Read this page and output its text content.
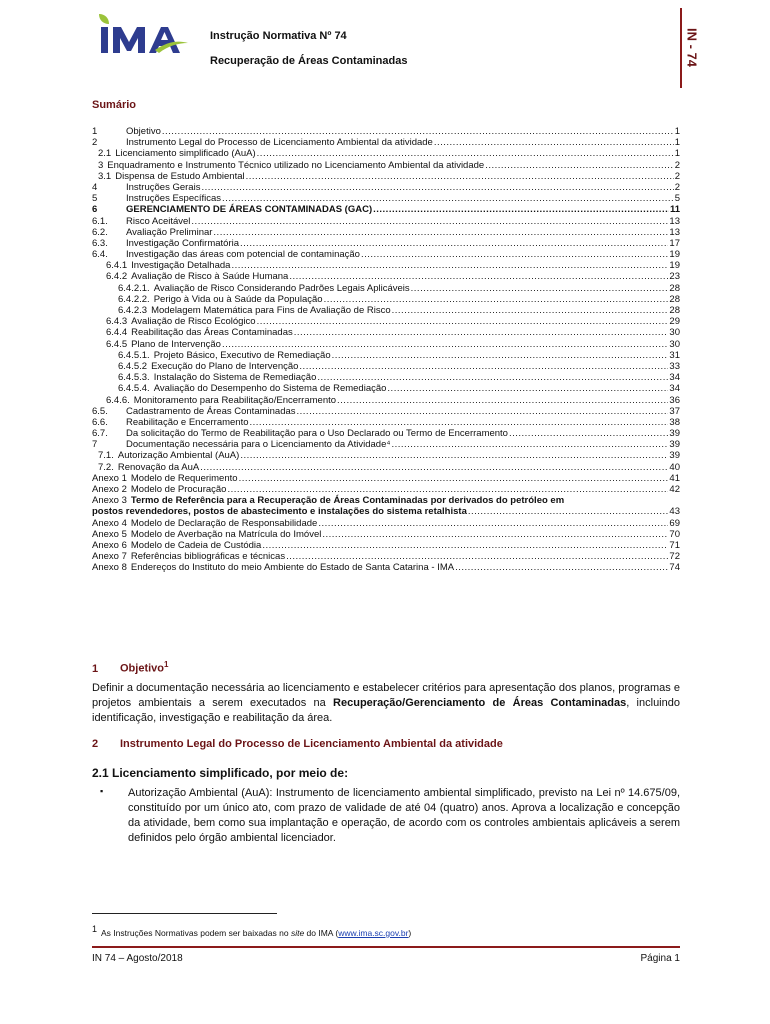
Instrução Normativa Nº 74
Recuperação de Áreas Contaminadas	IN - 74
Sumário
1	Objetivo .....	1
2	Instrumento Legal do Processo de Licenciamento Ambiental da atividade .....	1
2.1 Licenciamento simplificado (AuA) .....	1
3 Enquadramento e Instrumento Técnico utilizado no Licenciamento Ambiental da atividade .....	2
3.1 Dispensa de Estudo Ambiental .....	2
4	Instruções Gerais .....	2
5	Instruções Específicas .....	5
6	GERENCIAMENTO DE ÁREAS CONTAMINADAS (GAC) .....	11
6.1.	Risco Aceitável .....	13
6.2.	Avaliação Preliminar .....	13
6.3.	Investigação Confirmatória .....	17
6.4.	Investigação das áreas com potencial de contaminação .....	19
6.4.1 Investigação Detalhada .....	19
6.4.2 Avaliação de Risco à Saúde Humana .....	23
6.4.2.1. Avaliação de Risco Considerando Padrões Legais Aplicáveis .....	28
6.4.2.2. Perigo à Vida ou à Saúde da População .....	28
6.4.2.3 Modelagem Matemática para Fins de Avaliação de Risco .....	28
6.4.3 Avaliação de Risco Ecológico .....	29
6.4.4 Reabilitação das Áreas Contaminadas .....	30
6.4.5 Plano de Intervenção .....	30
6.4.5.1. Projeto Básico, Executivo de Remediação .....	31
6.4.5.2 Execução do Plano de Intervenção .....	33
6.4.5.3. Instalação do Sistema de Remediação .....	34
6.4.5.4. Avaliação do Desempenho do Sistema de Remediação .....	34
6.4.6. Monitoramento para Reabilitação/Encerramento .....	36
6.5.	Cadastramento de Áreas Contaminadas .....	37
6.6.	Reabilitação e Encerramento .....	38
6.7.	Da solicitação do Termo de Reabilitação para o Uso Declarado ou Termo de Encerramento .....	39
7	Documentação necessária para o Licenciamento da Atividade⁴ .....	39
7.1. Autorização Ambiental (AuA) .....	39
7.2. Renovação da AuA .....	40
Anexo 1 Modelo de Requerimento .....	41
Anexo 2 Modelo de Procuração .....	42
Anexo 3 Termo de Referência para a Recuperação de Áreas Contaminadas por derivados do petróleo em
postos revendedores, postos de abastecimento e instalações do sistema retalhista .....	43
Anexo 4 Modelo de Declaração de Responsabilidade .....	69
Anexo 5 Modelo de Averbação na Matrícula do Imóvel .....	70
Anexo 6 Modelo de Cadeia de Custódia .....	71
Anexo 7 Referências bibliográficas e técnicas .....	72
Anexo 8 Endereços do Instituto do meio Ambiente do Estado de Santa Catarina - IMA .....	74
1 Objetivo$^1$
Definir a documentação necessária ao licenciamento e estabelecer critérios para apresentação dos planos, programas e projetos ambientais a serem executados na Recuperação/Gerenciamento de Áreas Contaminadas, incluindo identificação, investigação e reabilitação da área.
2 Instrumento Legal do Processo de Licenciamento Ambiental da atividade
2.1 Licenciamento simplificado, por meio de:
▪ Autorização Ambiental (AuA): Instrumento de licenciamento ambiental simplificado, previsto na Lei nº 14.675/09, constituído por um único ato, com prazo de validade de até 04 (quatro) anos. Aprova a localização e concepção da atividade, bem como sua implantação e operação, de acordo com os controles ambientais aplicáveis a serem definidos pelo órgão ambiental licenciador.
$^1$ As Instruções Normativas podem ser baixadas no site do IMA (www.ima.sc.gov.br)
IN 74 – Agosto/2018	Página 1
